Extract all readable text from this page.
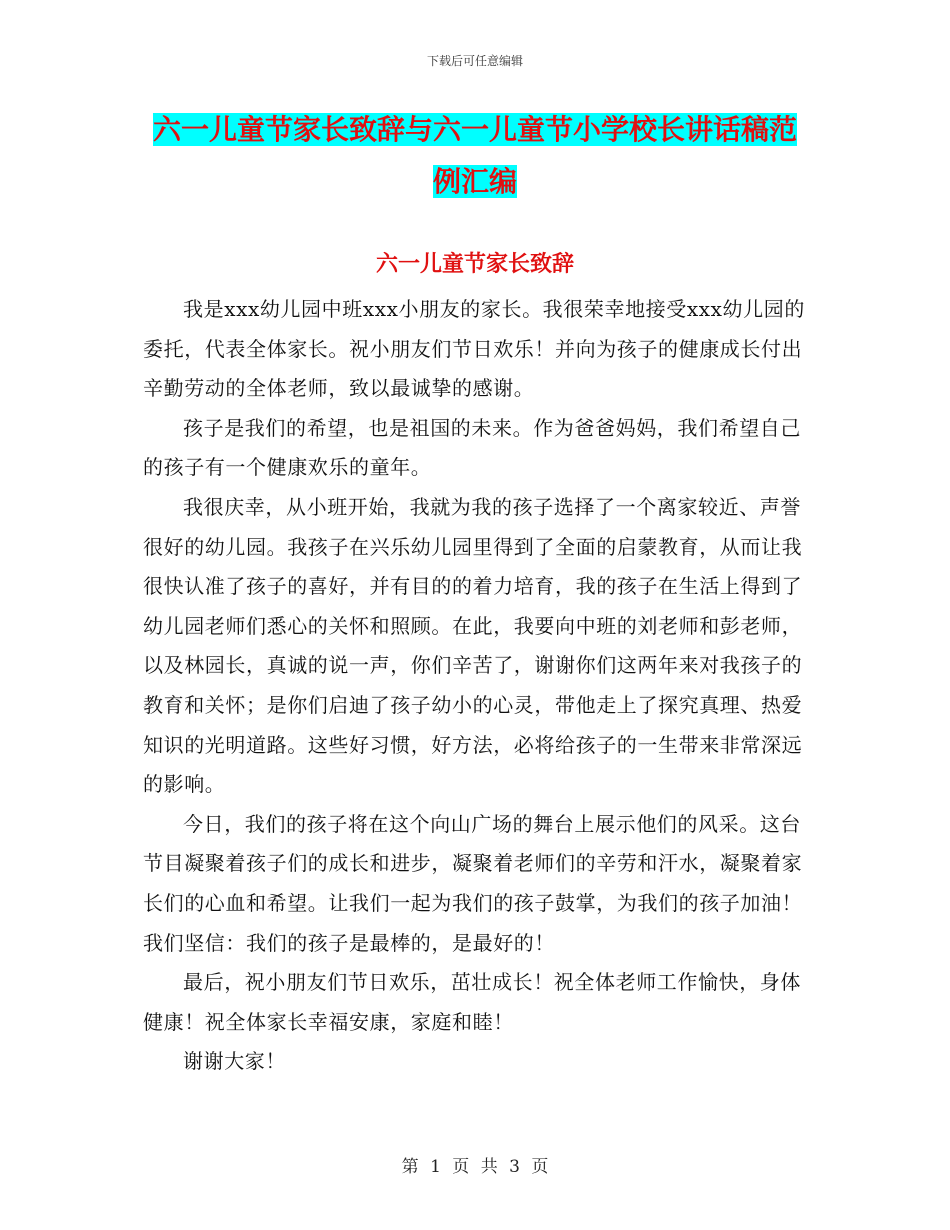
下载后可任意编辑
六一儿童节家长致辞与六一儿童节小学校长讲话稿范例汇编
六一儿童节家长致辞

我是xxx幼儿园中班xxx小朋友的家长。我很荣幸地接受xxx幼儿园的委托，代表全体家长。祝小朋友们节日欢乐！并向为孩子的健康成长付出辛勤劳动的全体老师，致以最诚挚的感谢。

孩子是我们的希望，也是祖国的未来。作为爸爸妈妈，我们希望自己的孩子有一个健康欢乐的童年。

我很庆幸，从小班开始，我就为我的孩子选择了一个离家较近、声誉很好的幼儿园。我孩子在兴乐幼儿园里得到了全面的启蒙教育，从而让我很快认准了孩子的喜好，并有目的的着力培育，我的孩子在生活上得到了幼儿园老师们悉心的关怀和照顾。在此，我要向中班的刘老师和彭老师，以及林园长，真诚的说一声，你们辛苦了，谢谢你们这两年来对我孩子的教育和关怀；是你们启迪了孩子幼小的心灵，带他走上了探究真理、热爱知识的光明道路。这些好习惯，好方法，必将给孩子的一生带来非常深远的影响。

今日，我们的孩子将在这个向山广场的舞台上展示他们的风采。这台节目凝聚着孩子们的成长和进步，凝聚着老师们的辛劳和汗水，凝聚着家长们的心血和希望。让我们一起为我们的孩子鼓掌，为我们的孩子加油！我们坚信：我们的孩子是最棒的，是最好的！

最后，祝小朋友们节日欢乐，茁壮成长！祝全体老师工作愉快，身体健康！祝全体家长幸福安康，家庭和睦！

谢谢大家！

第 1 页 共 3 页
